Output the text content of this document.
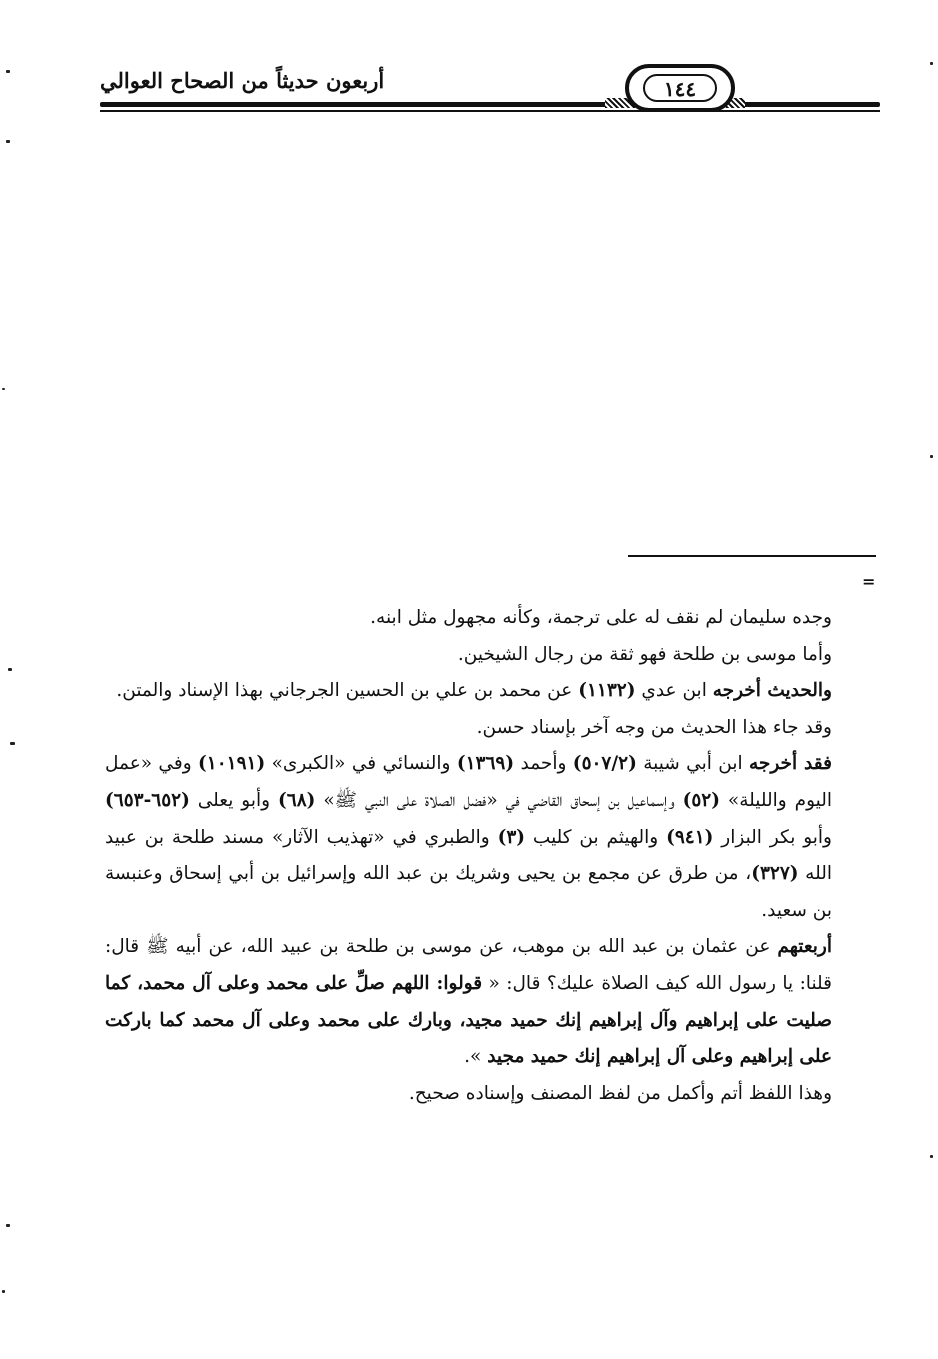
أربعون حديثاً من الصحاح العوالي	١٤٤
=

وجده سليمان لم نقف له على ترجمة، وكأنه مجهول مثل ابنه.

وأما موسى بن طلحة فهو ثقة من رجال الشيخين.

والحديث أخرجه ابن عدي (١١٣٢) عن محمد بن علي بن الحسين الجرجاني بهذا الإسناد والمتن.

وقد جاء هذا الحديث من وجه آخر بإسناد حسن.

فقد أخرجه ابن أبي شيبة (٥٠٧/٢) وأحمد (١٣٦٩) والنسائي في «الكبرى» (١٠١٩١) وفي «عمل اليوم والليلة» (٥٢) وإسماعيل بن إسحاق القاضي في «فضل الصلاة على النبي ﷺ» (٦٨) وأبو يعلى (٦٥٢-٦٥٣) وأبو بكر البزار (٩٤١) والهيثم بن كليب (٣) والطبري في «تهذيب الآثار» مسند طلحة بن عبيد الله (٣٢٧)، من طرق عن مجمع بن يحيى وشريك بن عبد الله وإسرائيل بن أبي إسحاق وعنبسة بن سعيد.

أربعتهم عن عثمان بن عبد الله بن موهب، عن موسى بن طلحة بن عبيد الله، عن أبيه ﷺ قال: قلنا: يا رسول الله كيف الصلاة عليك؟ قال: « قولوا: اللهم صلِّ على محمد وعلى آل محمد، كما صليت على إبراهيم وآل إبراهيم إنك حميد مجيد، وبارك على محمد وعلى آل محمد كما باركت على إبراهيم وعلى آل إبراهيم إنك حميد مجيد ».

وهذا اللفظ أتم وأكمل من لفظ المصنف وإسناده صحيح.
